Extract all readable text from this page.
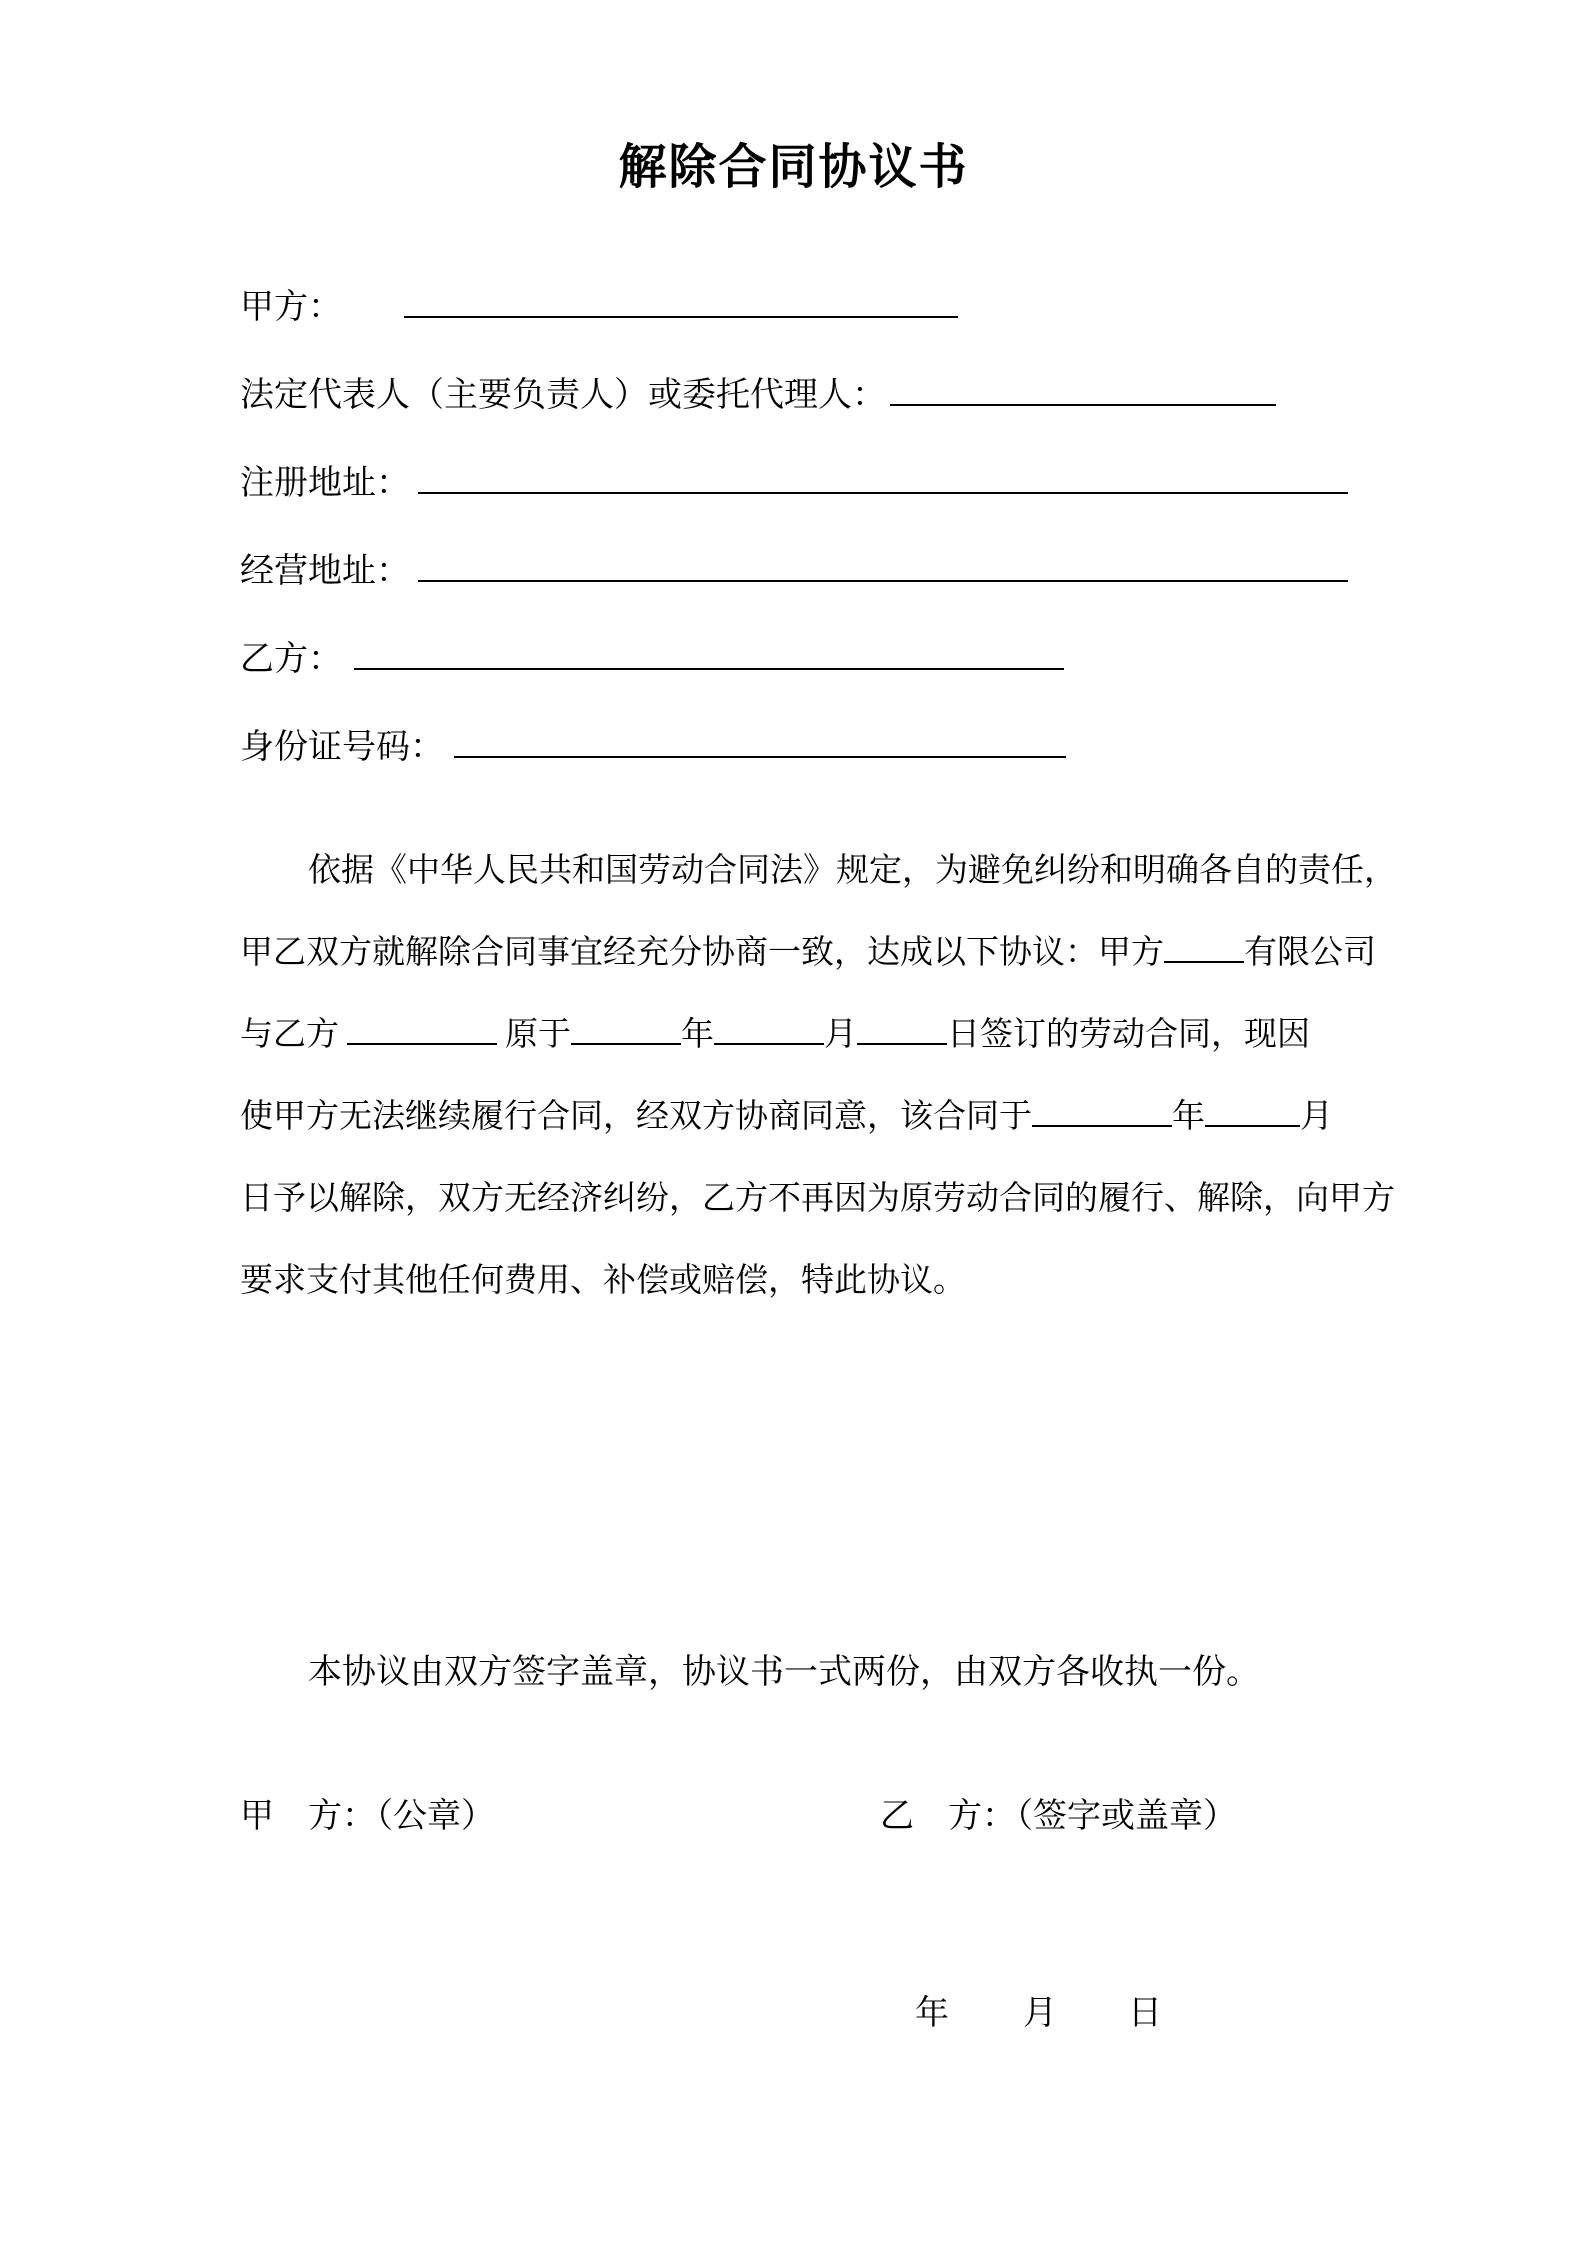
解除合同协议书
甲方：
法定代表人（主要负责人）或委托代理人：
注册地址：
经营地址：
乙方：
身份证号码：
依据《中华人民共和国劳动合同法》规定，为避免纠纷和明确各自的责任，
甲乙双方就解除合同事宜经充分协商一致，达成以下协议：甲方 有限公司
与乙方	原于	年	月	日签订的劳动合同，现因
使甲方无法继续履行合同，经双方协商同意，该合同于	年	月
日予以解除，双方无经济纠纷，乙方不再因为原劳动合同的履行、解除，向甲方
要求支付其他任何费用、补偿或赔偿，特此协议。
本协议由双方签字盖章，协议书一式两份，由双方各收执一份。
甲　方：（公章）	乙　方：（签字或盖章）
年 月 日
